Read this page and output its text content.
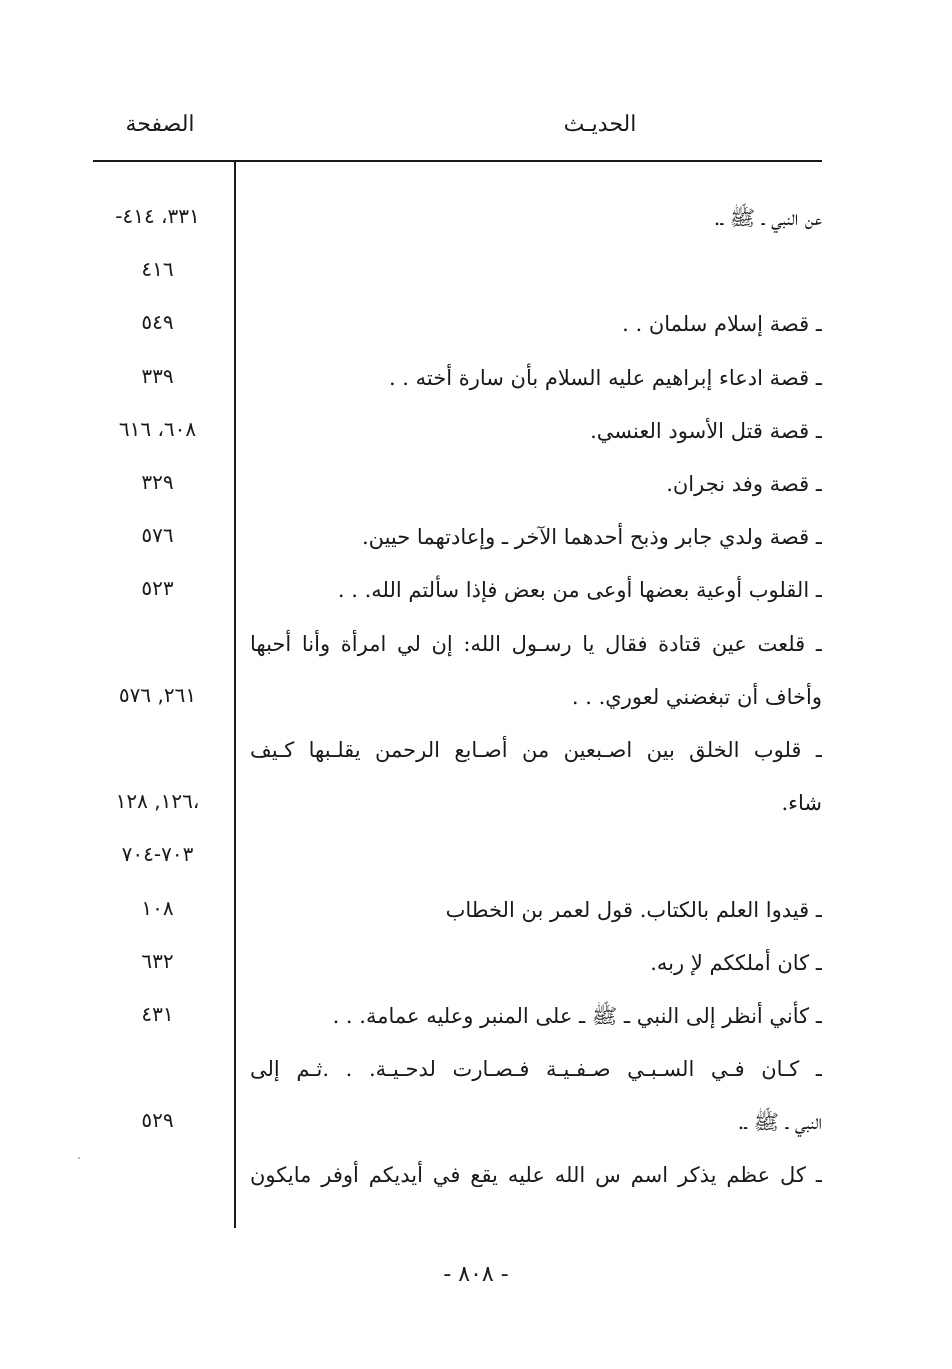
الحديـث
الصفحة
عن النبي ـ ﷺ ـ.
-٣٣١، ٤١٤
٤١٦
ـ قصة إسلام سلمان . .
٥٤٩
ـ قصة ادعاء إبراهيم عليه السلام بأن سارة أخته . .
٣٣٩
ـ قصة قتل الأسود العنسي.
٦٠٨، ٦١٦
ـ قصة وفد نجران.
٣٢٩
ـ قصة ولدي جابر وذبح أحدهما الآخر ـ وإعادتهما حيين.
٥٧٦
ـ القلوب أوعية بعضها أوعى من بعض فإذا سألتم الله. . .
٥٢٣
ـ قلعت عين قتادة فقال يا رسـول الله: إن لي امرأة وأنا أحبها
وأخاف أن تبغضني لعوري. . .
٢٦١, ٥٧٦
ـ قلوب الخلق بين اصـبعين من أصـابع الرحمن يقلـبها كـيف
شاء.
١٢٦, ١٢٨،
٧٠٣-٧٠٤
ـ قيدوا العلم بالكتاب. قول لعمر بن الخطاب
١٠٨
ـ كان أملككم لإ ربه.
٦٣٢
ـ كأني أنظر إلى النبي ـ ﷺ ـ على المنبر وعليه عمامة. . .
٤٣١
ـ كـان فـي السـبـي صـفـيـة فـصـارت لدحـيـة. . .ثـم إلى
النبي ـ ﷺ ـ.
٥٢٩
ـ كل عظم يذكر اسم س الله عليه يقع في أيديكم أوفر مايكون
- ٨٠٨ -
